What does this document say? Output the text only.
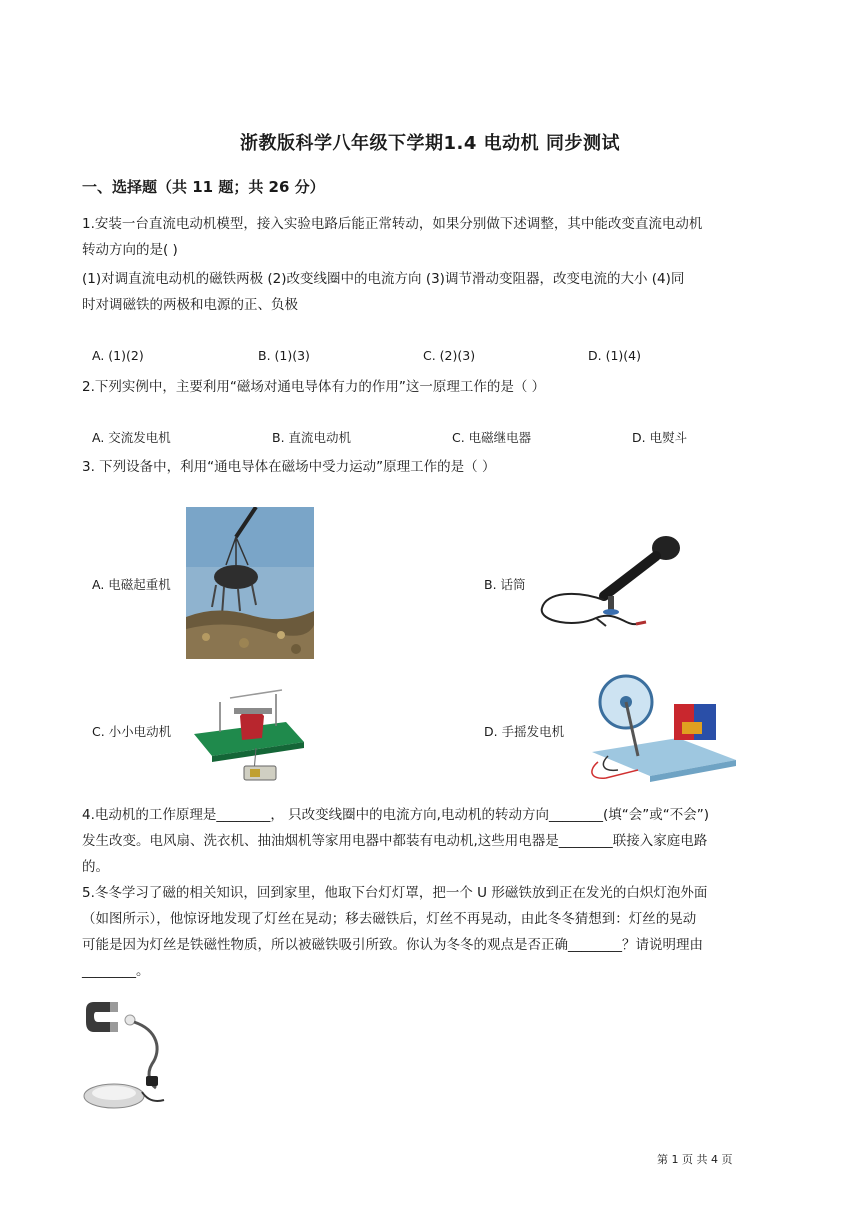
浙教版科学八年级下学期1.4 电动机 同步测试
一、选择题（共 11 题；共 26 分）
1.安装一台直流电动机模型，接入实验电路后能正常转动，如果分别做下述调整，其中能改变直流电动机
转动方向的是( )
(1)对调直流电动机的磁铁两极 (2)改变线圈中的电流方向 (3)调节滑动变阻器，改变电流的大小 (4)同
时对调磁铁的两极和电源的正、负极
A. (1)(2)	B. (1)(3)	C. (2)(3)	D. (1)(4)
2.下列实例中，主要利用“磁场对通电导体有力的作用”这一原理工作的是（ ）
A. 交流发电机	B. 直流电动机	C. 电磁继电器	D. 电熨斗
3. 下列设备中，利用“通电导体在磁场中受力运动”原理工作的是（ ）
A. 电磁起重机	B. 话筒
C. 小小电动机	D. 手摇发电机
4.电动机的工作原理是________， 只改变线圈中的电流方向,电动机的转动方向________(填“会”或“不会”)
发生改变。电风扇、洗衣机、抽油烟机等家用电器中都装有电动机,这些用电器是________联接入家庭电路
的。
5.冬冬学习了磁的相关知识，回到家里，他取下台灯灯罩，把一个 U 形磁铁放到正在发光的白炽灯泡外面
（如图所示），他惊讶地发现了灯丝在晃动；移去磁铁后，灯丝不再晃动，由此冬冬猜想到：灯丝的晃动
可能是因为灯丝是铁磁性物质，所以被磁铁吸引所致。你认为冬冬的观点是否正确________？请说明理由
________。
第 1 页 共 4 页
